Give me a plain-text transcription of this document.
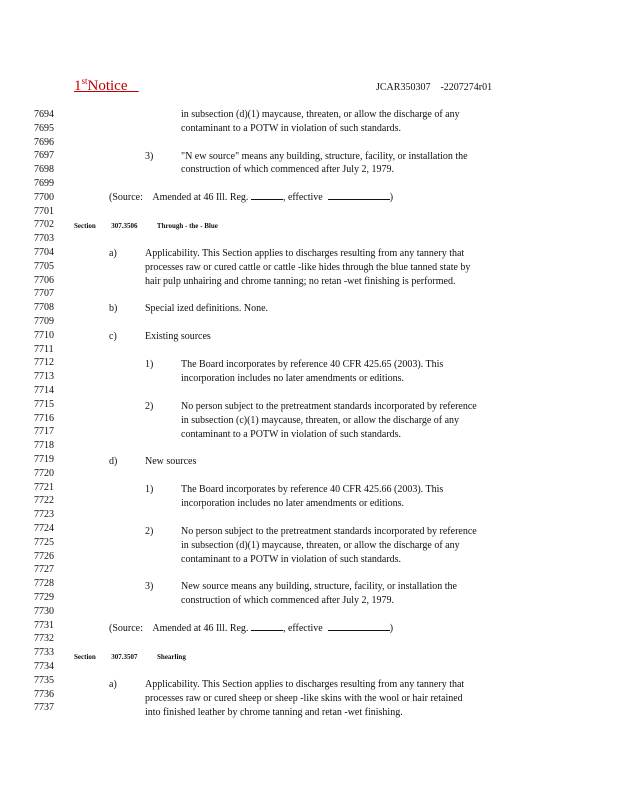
1stNotice	JCAR350307    -2207274r01
7694
7695
7696
7697
7698
7699
7700
7701
7702
7703
7704
7705
7706
7707
7708
7709
7710
7711
7712
7713
7714
7715
7716
7717
7718
7719
7720
7721
7722
7723
7724
7725
7726
7727
7728
7729
7730
7731
7732
7733
7734
7735
7736
7737
in subsection (d)(1) maycause, threaten, or allow the discharge of any
contaminant to a POTW in violation of such standards.
3)	"N ew source" means any building, structure, facility, or installation the
construction of which commenced after July 2, 1979.
(Source: Amended at 46 Ill. Reg.	, effective	)
Section 307.3506	Through - the - Blue
a)	Applicability. This Section applies to discharges resulting from any tannery that
processes raw or cured cattle or cattle -like hides through the blue tanned state by
hair pulp unhairing and chrome tanning; no retan -wet finishing is performed.
b)	Special ized definitions. None.
c)	Existing sources
1)	The Board incorporates by reference 40 CFR 425.65 (2003). This
incorporation includes no later amendments or editions.
2)	No person subject to the pretreatment standards incorporated by reference
in subsection (c)(1) maycause, threaten, or allow the discharge of any
contaminant to a POTW in violation of such standards.
d)	New sources
1)	The Board incorporates by reference 40 CFR 425.66 (2003). This
incorporation includes no later amendments or editions.
2)	No person subject to the pretreatment standards incorporated by reference
in subsection (d)(1) maycause, threaten, or allow the discharge of any
contaminant to a POTW in violation of such standards.
3)	New source means any building, structure, facility, or installation the
construction of which commenced after July 2, 1979.
(Source: Amended at 46 Ill. Reg.	, effective	)
Section 307.3507	Shearling
a)	Applicability. This Section applies to discharges resulting from any tannery that
processes raw or cured sheep or sheep -like skins with the wool or hair retained
into finished leather by chrome tanning and retan -wet finishing.
